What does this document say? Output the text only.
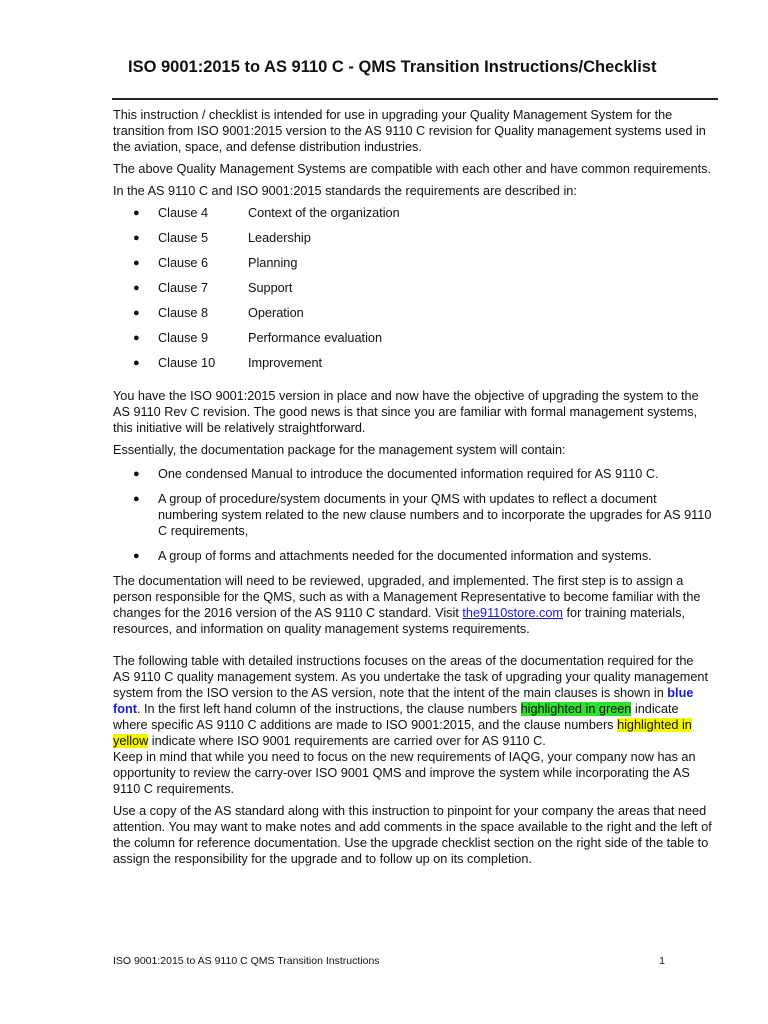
ISO 9001:2015 to AS 9110 C - QMS Transition Instructions/Checklist

This instruction / checklist is intended for use in upgrading your Quality Management System for the transition from ISO 9001:2015 version to the AS 9110 C revision for Quality management systems used in the aviation, space, and defense distribution industries.

The above Quality Management Systems are compatible with each other and have common requirements.

In the AS 9110 C and ISO 9001:2015 standards the requirements are described in:

● Clause 4	Context of the organization
● Clause 5	Leadership
● Clause 6	Planning
● Clause 7	Support
● Clause 8	Operation
● Clause 9	Performance evaluation
● Clause 10	Improvement

You have the ISO 9001:2015 version in place and now have the objective of upgrading the system to the AS 9110 Rev C revision. The good news is that since you are familiar with formal management systems, this initiative will be relatively straightforward.

Essentially, the documentation package for the management system will contain:

● One condensed Manual to introduce the documented information required for AS 9110 C.
● A group of procedure/system documents in your QMS with updates to reflect a document numbering system related to the new clause numbers and to incorporate the upgrades for AS 9110 C requirements,
● A group of forms and attachments needed for the documented information and systems.

The documentation will need to be reviewed, upgraded, and implemented. The first step is to assign a person responsible for the QMS, such as with a Management Representative to become familiar with the changes for the 2016 version of the AS 9110 C standard. Visit the9110store.com for training materials, resources, and information on quality management systems requirements.

The following table with detailed instructions focuses on the areas of the documentation required for the AS 9110 C quality management system. As you undertake the task of upgrading your quality management system from the ISO version to the AS version, note that the intent of the main clauses is shown in blue font. In the first left hand column of the instructions, the clause numbers highlighted in green indicate where specific AS 9110 C additions are made to ISO 9001:2015, and the clause numbers highlighted in yellow indicate where ISO 9001 requirements are carried over for AS 9110 C.

Keep in mind that while you need to focus on the new requirements of IAQG, your company now has an opportunity to review the carry-over ISO 9001 QMS and improve the system while incorporating the AS 9110 C requirements.

Use a copy of the AS standard along with this instruction to pinpoint for your company the areas that need attention. You may want to make notes and add comments in the space available to the right and the left of the column for reference documentation. Use the upgrade checklist section on the right side of the table to assign the responsibility for the upgrade and to follow up on its completion.

ISO 9001:2015 to AS 9110 C QMS Transition Instructions	1
